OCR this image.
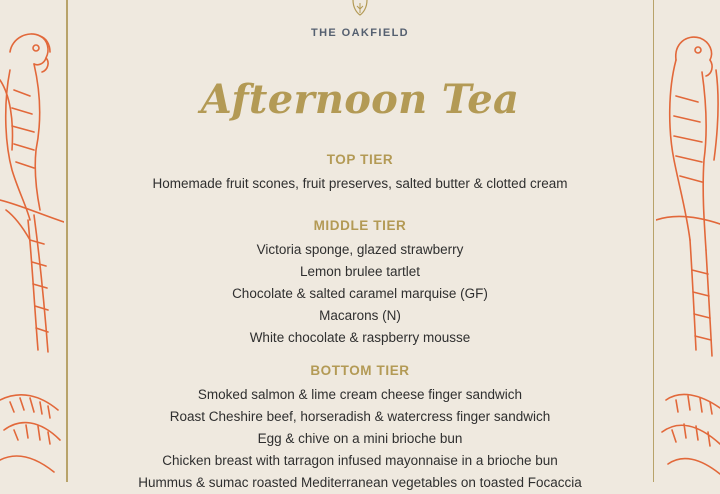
THE OAKFIELD
Afternoon Tea
TOP TIER
Homemade fruit scones, fruit preserves, salted butter & clotted cream
MIDDLE TIER
Victoria sponge, glazed strawberry
Lemon brulee tartlet
Chocolate & salted caramel marquise (GF)
Macarons (N)
White chocolate & raspberry mousse
BOTTOM TIER
Smoked salmon & lime cream cheese finger sandwich
Roast Cheshire beef, horseradish & watercress finger sandwich
Egg & chive on a mini brioche bun
Chicken breast with tarragon infused mayonnaise in a brioche bun
Hummus & sumac roasted Mediterranean vegetables on toasted Focaccia
